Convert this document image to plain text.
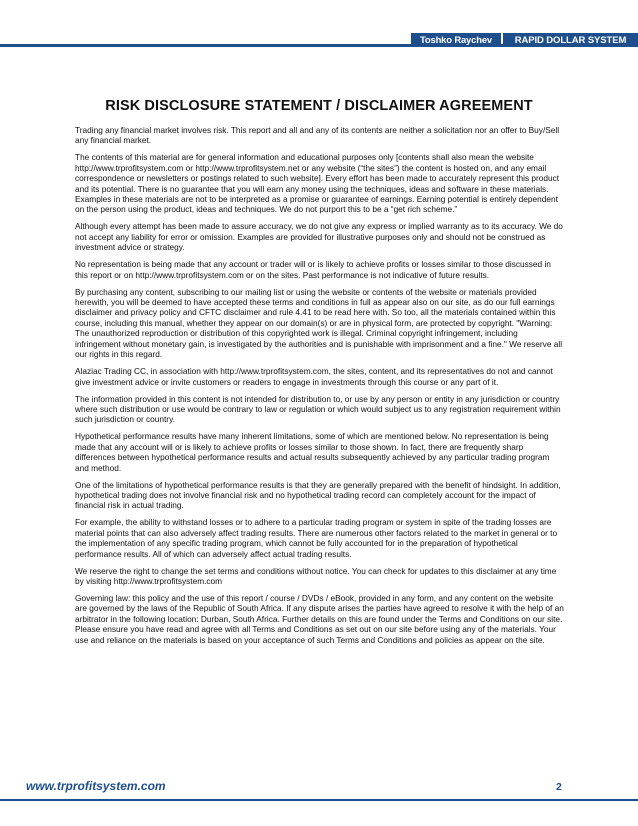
Toshko Raychev	RAPID DOLLAR SYSTEM
RISK DISCLOSURE STATEMENT / DISCLAIMER AGREEMENT

Trading any financial market involves risk. This report and all and any of its contents are neither a solicitation nor an offer to Buy/Sell any financial market.

The contents of this material are for general information and educational purposes only [contents shall also mean the website http://www.trprofitsystem.com or http://www.trprofitsystem.net or any website (“the sites”) the content is hosted on, and any email correspondence or newsletters or postings related to such website]. Every effort has been made to accurately represent this product and its potential. There is no guarantee that you will earn any money using the techniques, ideas and software in these materials. Examples in these materials are not to be interpreted as a promise or guarantee of earnings. Earning potential is entirely dependent on the person using the product, ideas and techniques. We do not purport this to be a “get rich scheme.”

Although every attempt has been made to assure accuracy, we do not give any express or implied warranty as to its accuracy. We do not accept any liability for error or omission. Examples are provided for illustrative purposes only and should not be construed as investment advice or strategy.

No representation is being made that any account or trader will or is likely to achieve profits or losses similar to those discussed in this report or on http://www.trprofitsystem.com or on the sites. Past performance is not indicative of future results.

By purchasing any content, subscribing to our mailing list or using the website or contents of the website or materials provided herewith, you will be deemed to have accepted these terms and conditions in full as appear also on our site, as do our full earnings disclaimer and privacy policy and CFTC disclaimer and rule 4.41 to be read here with. So too, all the materials contained within this course, including this manual, whether they appear on our domain(s) or are in physical form, are protected by copyright. "Warning: The unauthorized reproduction or distribution of this copyrighted work is illegal. Criminal copyright infringement, including infringement without monetary gain, is investigated by the authorities and is punishable with imprisonment and a fine." We reserve all our rights in this regard.

Alaziac Trading CC, in association with http://www.trprofitsystem.com, the sites, content, and its representatives do not and cannot give investment advice or invite customers or readers to engage in investments through this course or any part of it.

The information provided in this content is not intended for distribution to, or use by any person or entity in any jurisdiction or country where such distribution or use would be contrary to law or regulation or which would subject us to any registration requirement within such jurisdiction or country.

Hypothetical performance results have many inherent limitations, some of which are mentioned below. No representation is being made that any account will or is likely to achieve profits or losses similar to those shown. In fact, there are frequently sharp differences between hypothetical performance results and actual results subsequently achieved by any particular trading program and method.

One of the limitations of hypothetical performance results is that they are generally prepared with the benefit of hindsight. In addition, hypothetical trading does not involve financial risk and no hypothetical trading record can completely account for the impact of financial risk in actual trading.

For example, the ability to withstand losses or to adhere to a particular trading program or system in spite of the trading losses are material points that can also adversely affect trading results. There are numerous other factors related to the market in general or to the implementation of any specific trading program, which cannot be fully accounted for in the preparation of hypothetical performance results. All of which can adversely affect actual trading results.

We reserve the right to change the set terms and conditions without notice. You can check for updates to this disclaimer at any time by visiting http://www.trprofitsystem.com

Governing law: this policy and the use of this report / course / DVDs / eBook, provided in any form, and any content on the website are governed by the laws of the Republic of South Africa. If any dispute arises the parties have agreed to resolve it with the help of an arbitrator in the following location: Durban, South Africa. Further details on this are found under the Terms and Conditions on our site. Please ensure you have read and agree with all Terms and Conditions as set out on our site before using any of the materials. Your use and reliance on the materials is based on your acceptance of such Terms and Conditions and policies as appear on the site.

www.trprofitsystem.com	2
